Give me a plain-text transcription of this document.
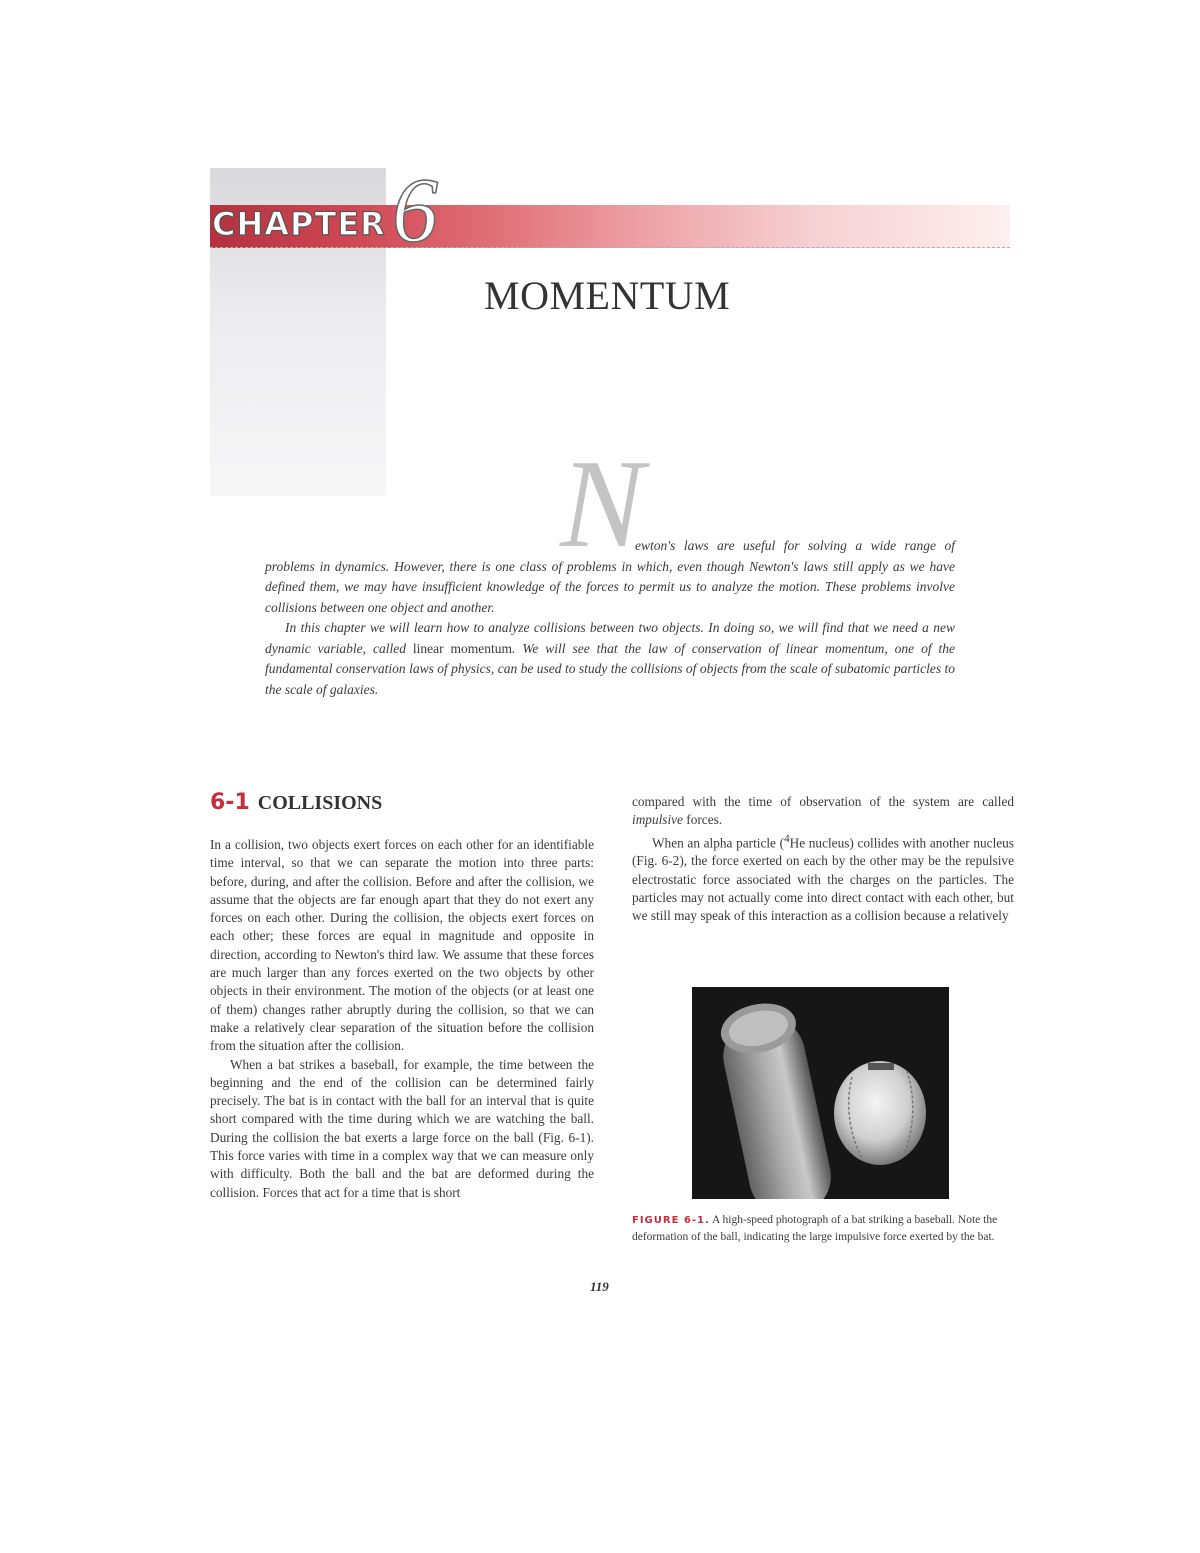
CHAPTER 6
MOMENTUM
N

ewton's laws are useful for solving a wide range of problems in dynamics. However, there is one class of problems in which, even though Newton's laws still apply as we have defined them, we may have insufficient knowledge of the forces to permit us to analyze the motion. These problems involve collisions between one object and another.

In this chapter we will learn how to analyze collisions between two objects. In doing so, we will find that we need a new dynamic variable, called linear momentum. We will see that the law of conservation of linear momentum, one of the fundamental conservation laws of physics, can be used to study the collisions of objects from the scale of subatomic particles to the scale of galaxies.

6-1 COLLISIONS

In a collision, two objects exert forces on each other for an identifiable time interval, so that we can separate the motion into three parts: before, during, and after the collision. Before and after the collision, we assume that the objects are far enough apart that they do not exert any forces on each other. During the collision, the objects exert forces on each other; these forces are equal in magnitude and opposite in direction, according to Newton's third law. We assume that these forces are much larger than any forces exerted on the two objects by other objects in their environment. The motion of the objects (or at least one of them) changes rather abruptly during the collision, so that we can make a relatively clear separation of the situation before the collision from the situation after the collision.

When a bat strikes a baseball, for example, the time between the beginning and the end of the collision can be determined fairly precisely. The bat is in contact with the ball for an interval that is quite short compared with the time during which we are watching the ball. During the collision the bat exerts a large force on the ball (Fig. 6-1). This force varies with time in a complex way that we can measure only with difficulty. Both the ball and the bat are deformed during the collision. Forces that act for a time that is short

compared with the time of observation of the system are called impulsive forces.

When an alpha particle ($^4$He nucleus) collides with another nucleus (Fig. 6-2), the force exerted on each by the other may be the repulsive electrostatic force associated with the charges on the particles. The particles may not actually come into direct contact with each other, but we still may speak of this interaction as a collision because a relatively

FIGURE 6-1. A high-speed photograph of a bat striking a baseball. Note the deformation of the ball, indicating the large impulsive force exerted by the bat.
119
